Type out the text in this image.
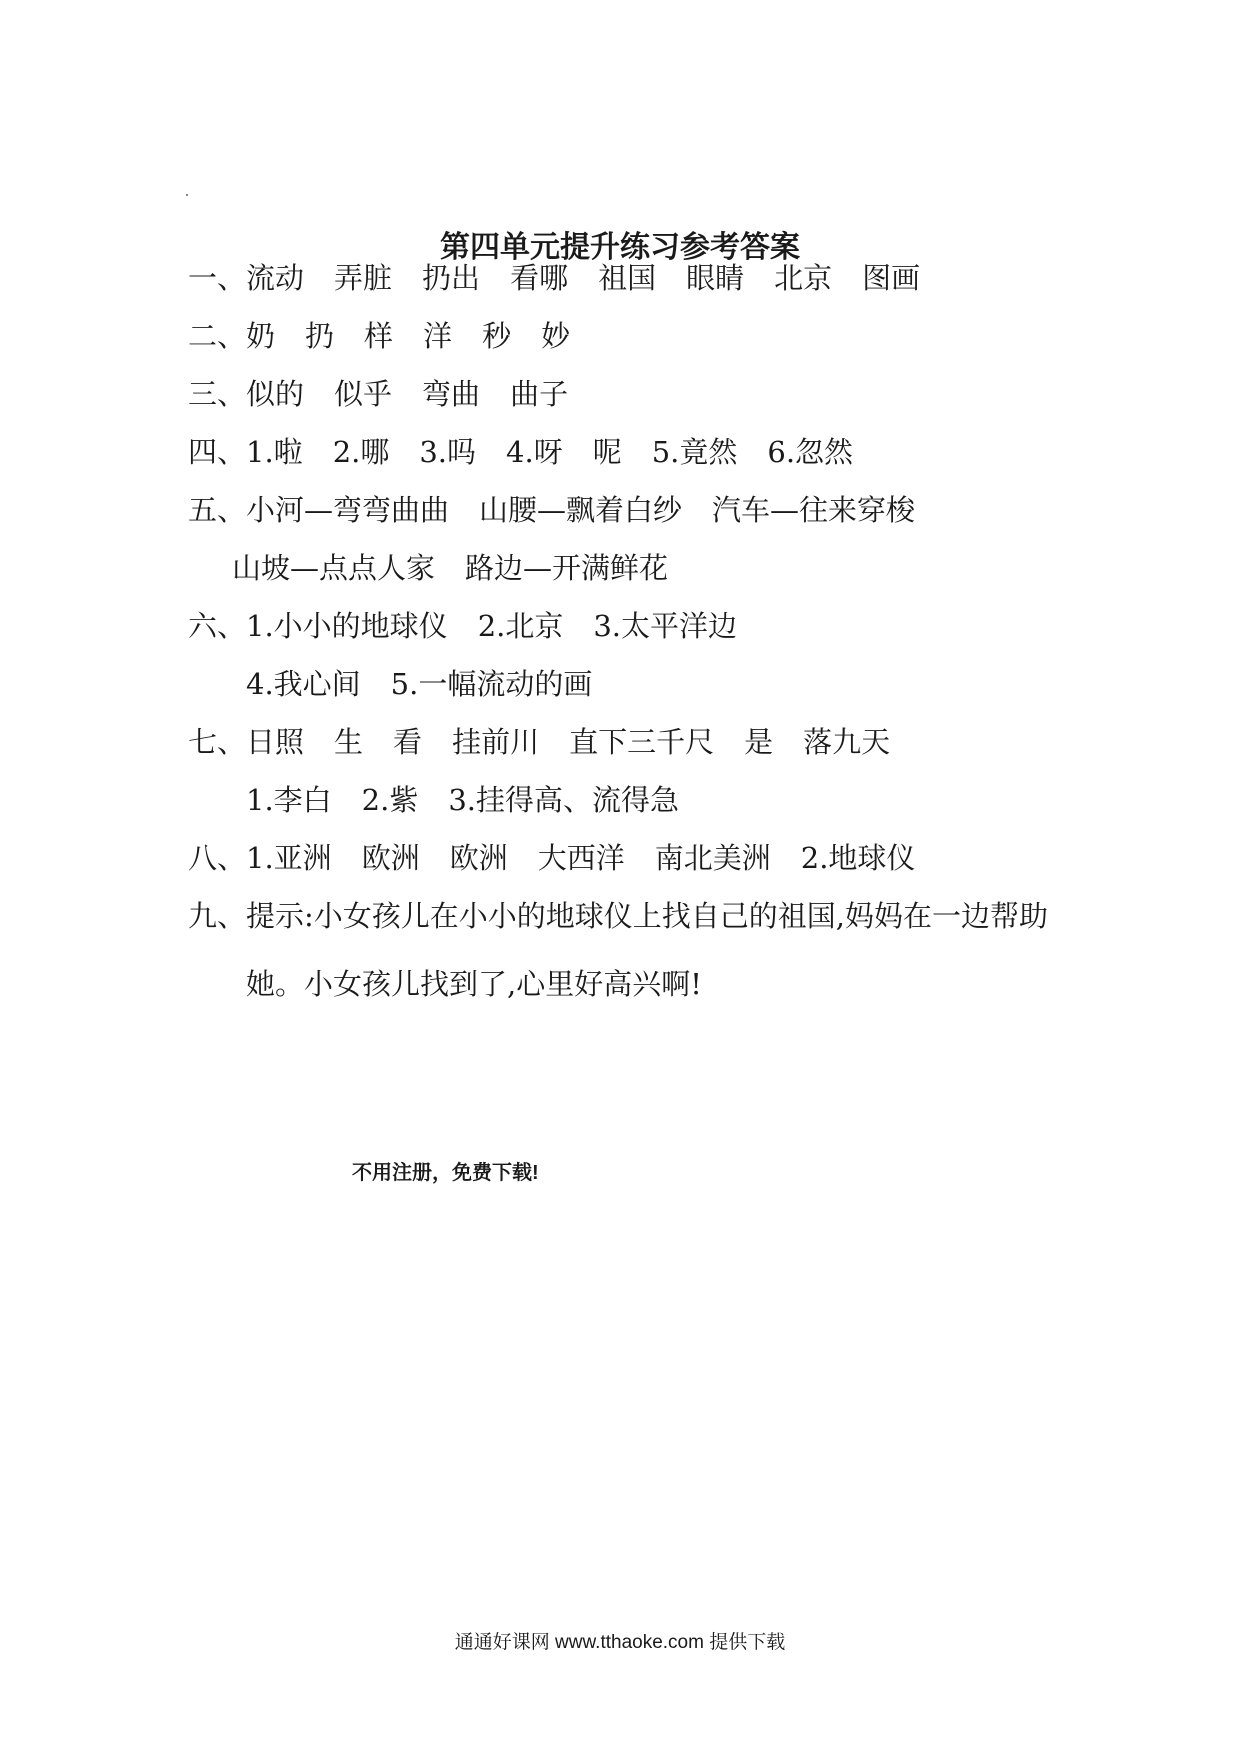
第四单元提升练习参考答案
一、流动 弄脏 扔出 看哪 祖国 眼睛 北京 图画
二、奶 扔 样 洋 秒 妙
三、似的 似乎 弯曲 曲子
四、1.啦 2.哪 3.吗 4.呀 呢 5.竟然 6.忽然
五、小河—弯弯曲曲 山腰—飘着白纱 汽车—往来穿梭
山坡—点点人家 路边—开满鲜花
六、1.小小的地球仪 2.北京 3.太平洋边
4.我心间 5.一幅流动的画
七、日照 生 看 挂前川 直下三千尺 是 落九天
1.李白 2.紫 3.挂得高、流得急
八、1.亚洲 欧洲 欧洲 大西洋 南北美洲 2.地球仪
九、提示:小女孩儿在小小的地球仪上找自己的祖国,妈妈在一边帮助
她。小女孩儿找到了,心里好高兴啊!
不用注册，免费下载!
通通好课网 www.tthaoke.com 提供下载
